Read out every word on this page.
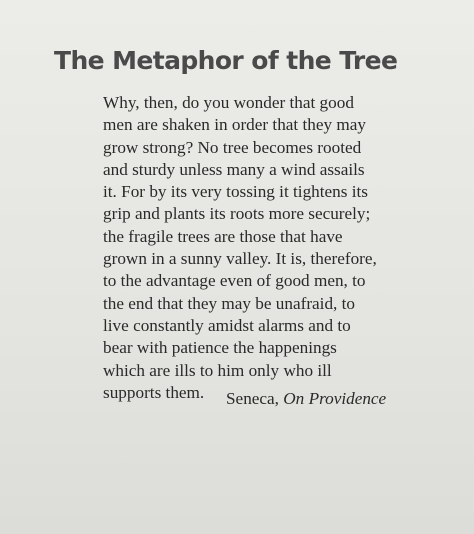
The Metaphor of the Tree
Why, then, do you wonder that good
men are shaken in order that they may
grow strong? No tree becomes rooted
and sturdy unless many a wind assails
it. For by its very tossing it tightens its
grip and plants its roots more securely;
the fragile trees are those that have
grown in a sunny valley. It is, therefore,
to the advantage even of good men, to
the end that they may be unafraid, to
live constantly amidst alarms and to
bear with patience the happenings
which are ills to him only who ill
supports them.	Seneca, On Providence
